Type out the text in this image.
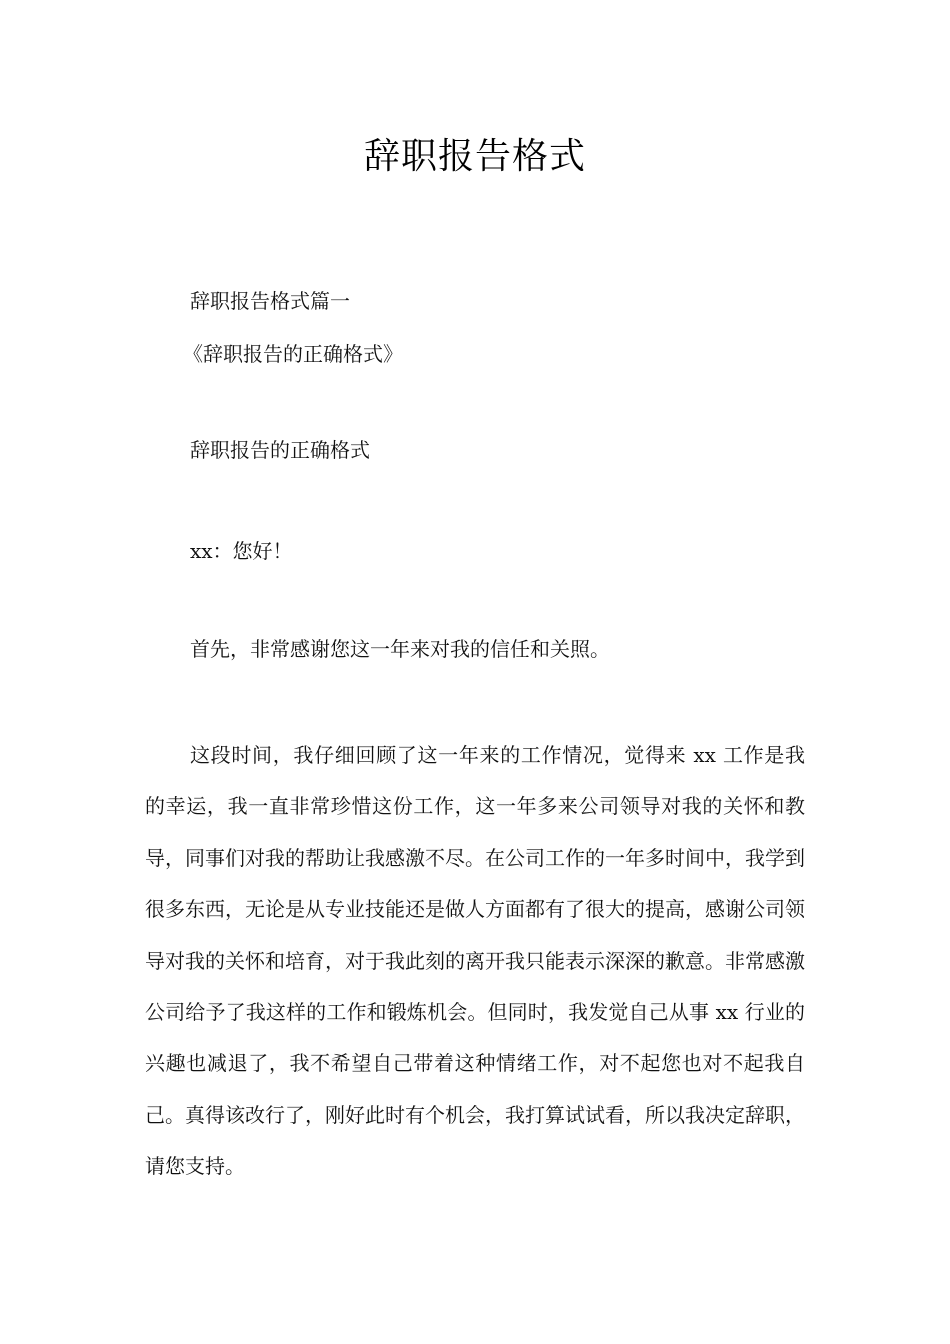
辞职报告格式

辞职报告格式篇一

《辞职报告的正确格式》

辞职报告的正确格式

xx：您好！

首先，非常感谢您这一年来对我的信任和关照。

这段时间，我仔细回顾了这一年来的工作情况，觉得来 xx 工作是我的幸运，我一直非常珍惜这份工作，这一年多来公司领导对我的关怀和教导，同事们对我的帮助让我感激不尽。在公司工作的一年多时间中，我学到很多东西，无论是从专业技能还是做人方面都有了很大的提高，感谢公司领导对我的关怀和培育，对于我此刻的离开我只能表示深深的歉意。非常感激公司给予了我这样的工作和锻炼机会。但同时，我发觉自己从事 xx 行业的兴趣也减退了，我不希望自己带着这种情绪工作，对不起您也对不起我自己。真得该改行了，刚好此时有个机会，我打算试试看，所以我决定辞职，请您支持。
